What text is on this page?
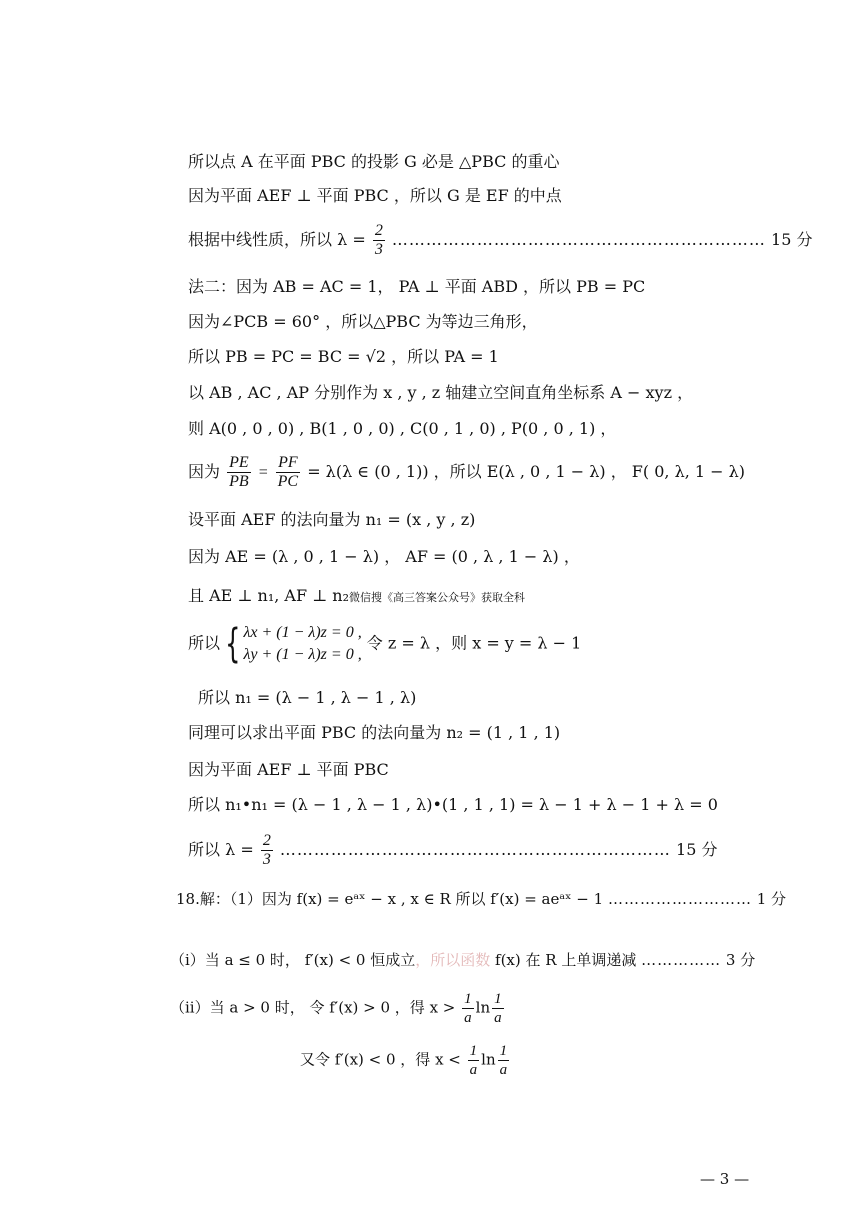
所以点 A 在平面 PBC 的投影 G 必是 △PBC 的重心
因为平面 AEF ⊥ 平面 PBC ，所以 G 是 EF 的中点
根据中线性质，所以 $\lambda = \frac{2}{3}$ ………………………………………………………… 15 分
法二：因为 AB = AC = 1， PA ⊥ 平面 ABD ，所以 PB = PC
因为∠PCB = 60° ，所以△PBC 为等边三角形，
所以 PB = PC = BC = √2 ，所以 PA = 1
以 AB , AC , AP 分别作为 x , y , z 轴建立空间直角坐标系 A − xyz ，
则 A(0 , 0 , 0) , B(1 , 0 , 0) , C(0 , 1 , 0) , P(0 , 0 , 1) ，
因为 $\frac{PE}{PB} = \frac{PF}{PC} = \lambda(\lambda$ ∈ (0 , 1)) ，所以 E(λ , 0 , 1 − λ) ， F( 0, λ, 1 − λ)
设平面 AEF 的法向量为 n₁ = (x , y , z)
因为 AE = (λ , 0 , 1 − λ) ， AF = (0 , λ , 1 − λ) ，
且 AE ⊥ n₁, AF ⊥ n₂微信搜《高三答案公众号》获取全科
所以 { λx + (1 − λ)z = 0 ,
λy + (1 − λ)z = 0 ,
令 z = λ ，则 x = y = λ − 1
所以 n₁ = (λ − 1 , λ − 1 , λ)
同理可以求出平面 PBC 的法向量为 n₂ = (1 , 1 , 1)
因为平面 AEF ⊥ 平面 PBC
所以 n₁•n₁ = (λ − 1 , λ − 1 , λ)•(1 , 1 , 1) = λ − 1 + λ − 1 + λ = 0
所以 $\lambda = \frac{2}{3}$ …………………………………………………………… 15 分
18.解：（1）因为 f(x) = eᵃˣ − x , x ∈ R 所以 f′(x) = aeᵃˣ − 1 ……………………… 1 分
（i）当 a ≤ 0 时， f′(x) < 0 恒成立，所以函数 f(x) 在 R 上单调递减 …………… 3 分
（ii）当 a > 0 时， 令 f′(x) > 0 ，得 $x > \frac{1}{a}$ $\ln \frac{1}{a}$
又令 f′(x) < 0 ，得 $x < \frac{1}{a}$ $\ln \frac{1}{a}$
— 3 —
